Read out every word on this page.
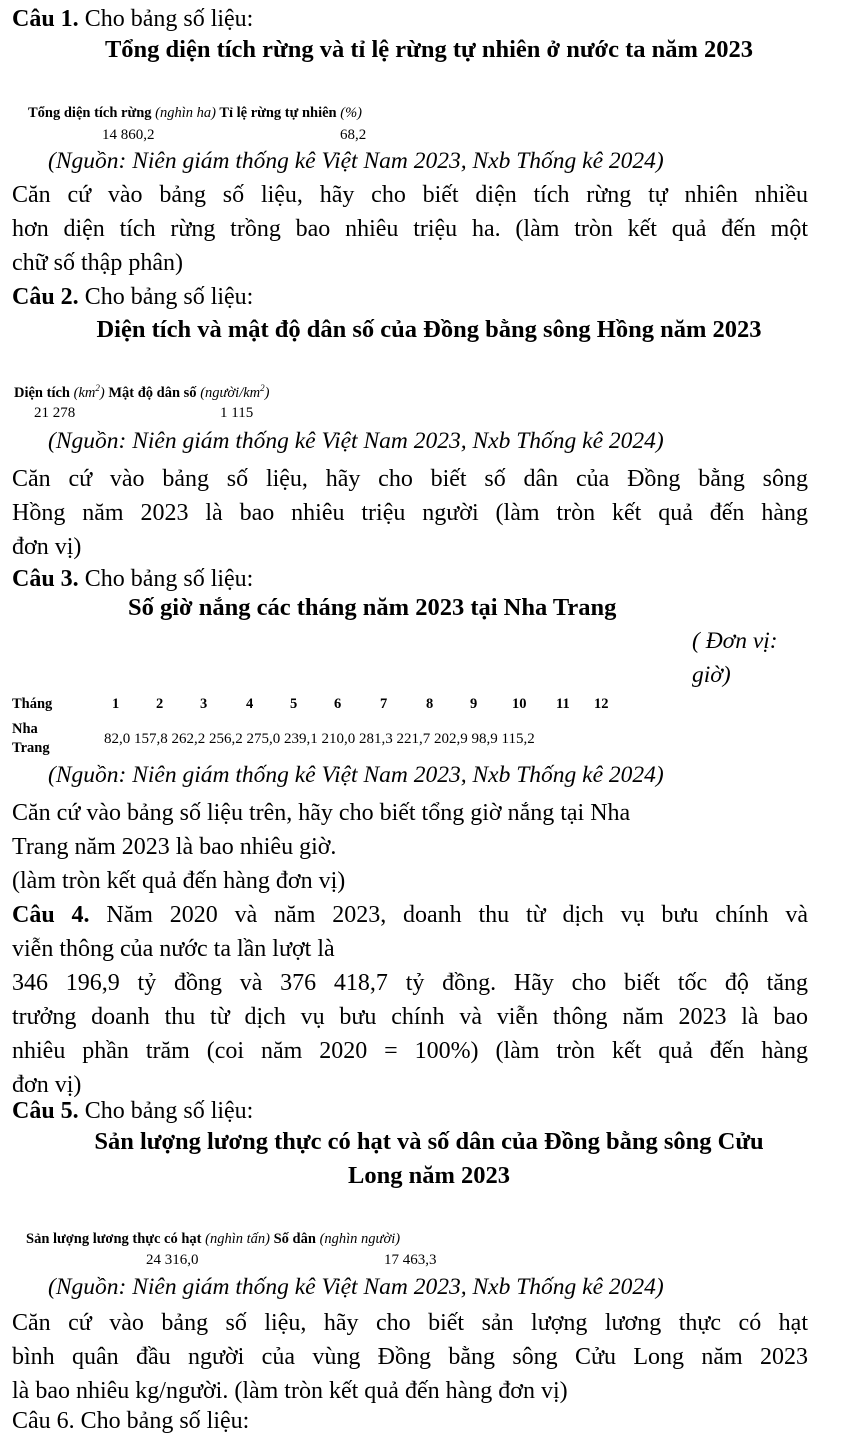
Câu 1. Cho bảng số liệu:
Tổng diện tích rừng và tỉ lệ rừng tự nhiên ở nước ta năm 2023
Tổng diện tích rừng (nghìn ha) Tỉ lệ rừng tự nhiên (%)
14 860,2	68,2
(Nguồn: Niên giám thống kê Việt Nam 2023, Nxb Thống kê 2024)
Căn cứ vào bảng số liệu, hãy cho biết diện tích rừng tự nhiên nhiều
hơn diện tích rừng trồng bao nhiêu triệu ha. (làm tròn kết quả đến một
chữ số thập phân)
Câu 2. Cho bảng số liệu:
Diện tích và mật độ dân số của Đồng bằng sông Hồng năm 2023
Diện tích $(km^2)$ Mật độ dân số $(người/km^2)$
21 278	1 115
(Nguồn: Niên giám thống kê Việt Nam 2023, Nxb Thống kê 2024)
Căn cứ vào bảng số liệu, hãy cho biết số dân của Đồng bằng sông
Hồng năm 2023 là bao nhiêu triệu người (làm tròn kết quả đến hàng
đơn vị)
Câu 3. Cho bảng số liệu:
Số giờ nắng các tháng năm 2023 tại Nha Trang
( Đơn vị:
giờ)
Tháng	1	2	3	4	5	6	7	8	9 10 11 12
Nha
Trang
82,0 157,8 262,2 256,2 275,0 239,1 210,0 281,3 221,7 202,9 98,9 115,2
(Nguồn: Niên giám thống kê Việt Nam 2023, Nxb Thống kê 2024)
Căn cứ vào bảng số liệu trên, hãy cho biết tổng giờ nắng tại Nha
Trang năm 2023 là bao nhiêu giờ.
(làm tròn kết quả đến hàng đơn vị)
Câu 4. Năm 2020 và năm 2023, doanh thu từ dịch vụ bưu chính và
viễn thông của nước ta lần lượt là
346 196,9 tỷ đồng và 376 418,7 tỷ đồng. Hãy cho biết tốc độ tăng
trưởng doanh thu từ dịch vụ bưu chính và viễn thông năm 2023 là bao
nhiêu phần trăm (coi năm 2020 = 100%) (làm tròn kết quả đến hàng
đơn vị)
Câu 5. Cho bảng số liệu:
Sản lượng lương thực có hạt và số dân của Đồng bằng sông Cửu
Long năm 2023
Sản lượng lương thực có hạt (nghìn tấn) Số dân (nghìn người)
24 316,0	17 463,3
(Nguồn: Niên giám thống kê Việt Nam 2023, Nxb Thống kê 2024)
Căn cứ vào bảng số liệu, hãy cho biết sản lượng lương thực có hạt
bình quân đầu người của vùng Đồng bằng sông Cửu Long năm 2023
là bao nhiêu kg/người. (làm tròn kết quả đến hàng đơn vị)
Câu 6. Cho bảng số liệu:
